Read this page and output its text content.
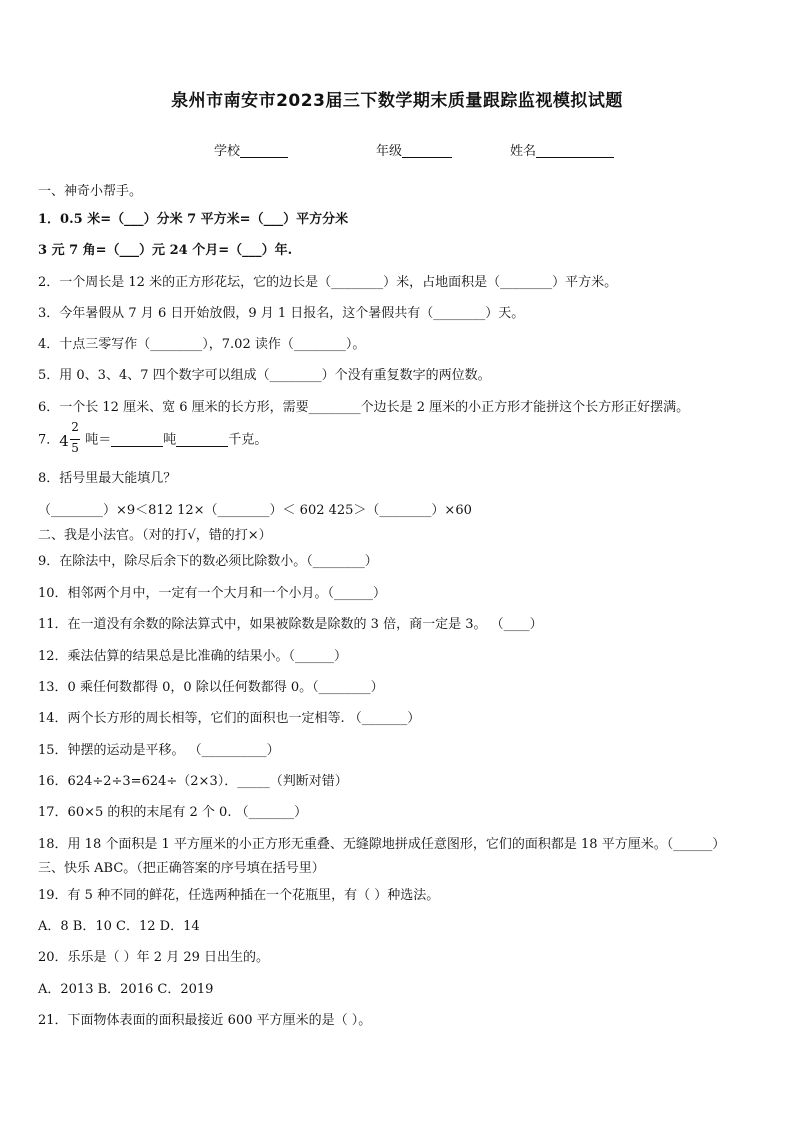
泉州市南安市2023届三下数学期末质量跟踪监视模拟试题
学校	年级	姓名
一、神奇小帮手。
1．0.5 米=（___）分米 7 平方米=（___）平方分米
3 元 7 角=（___）元 24 个月=（___）年.
2．一个周长是 12 米的正方形花坛，它的边长是（________）米，占地面积是（________）平方米。
3．今年暑假从 7 月 6 日开始放假，9 月 1 日报名，这个暑假共有（________）天。
4．十点三零写作（________），7.02 读作（________）。
5．用 0、3、4、7 四个数字可以组成（________）个没有重复数字的两位数。
6．一个长 12 厘米、宽 6 厘米的长方形，需要________个边长是 2 厘米的小正方形才能拼这个长方形正好摆满。
7． 4
2
5
吨＝	吨	千克。
8．括号里最大能填几？
（________）×9＜812 12×（________）＜ 602 425＞（________）×60
二、我是小法官。（对的打√，错的打×）
9．在除法中，除尽后余下的数必须比除数小。（________）
10．相邻两个月中，一定有一个大月和一个小月。（______）
11．在一道没有余数的除法算式中，如果被除数是除数的 3 倍，商一定是 3。 （____）
12．乘法估算的结果总是比准确的结果小。（______）
13．0 乘任何数都得 0，0 除以任何数都得 0。（________）
14．两个长方形的周长相等，它们的面积也一定相等. （_______）
15．钟摆的运动是平移。 （__________）
16．624÷2÷3=624÷（2×3）．_____（判断对错）
17．60×5 的积的末尾有 2 个 0. （_______）
18．用 18 个面积是 1 平方厘米的小正方形无重叠、无缝隙地拼成任意图形，它们的面积都是 18 平方厘米。（______）
三、快乐 ABC。（把正确答案的序号填在括号里）
19．有 5 种不同的鲜花，任选两种插在一个花瓶里，有（ ）种选法。
A．8 B．10 C．12 D．14
20．乐乐是（ ）年 2 月 29 日出生的。
A．2013 B．2016 C．2019
21．下面物体表面的面积最接近 600 平方厘米的是（ ）。
